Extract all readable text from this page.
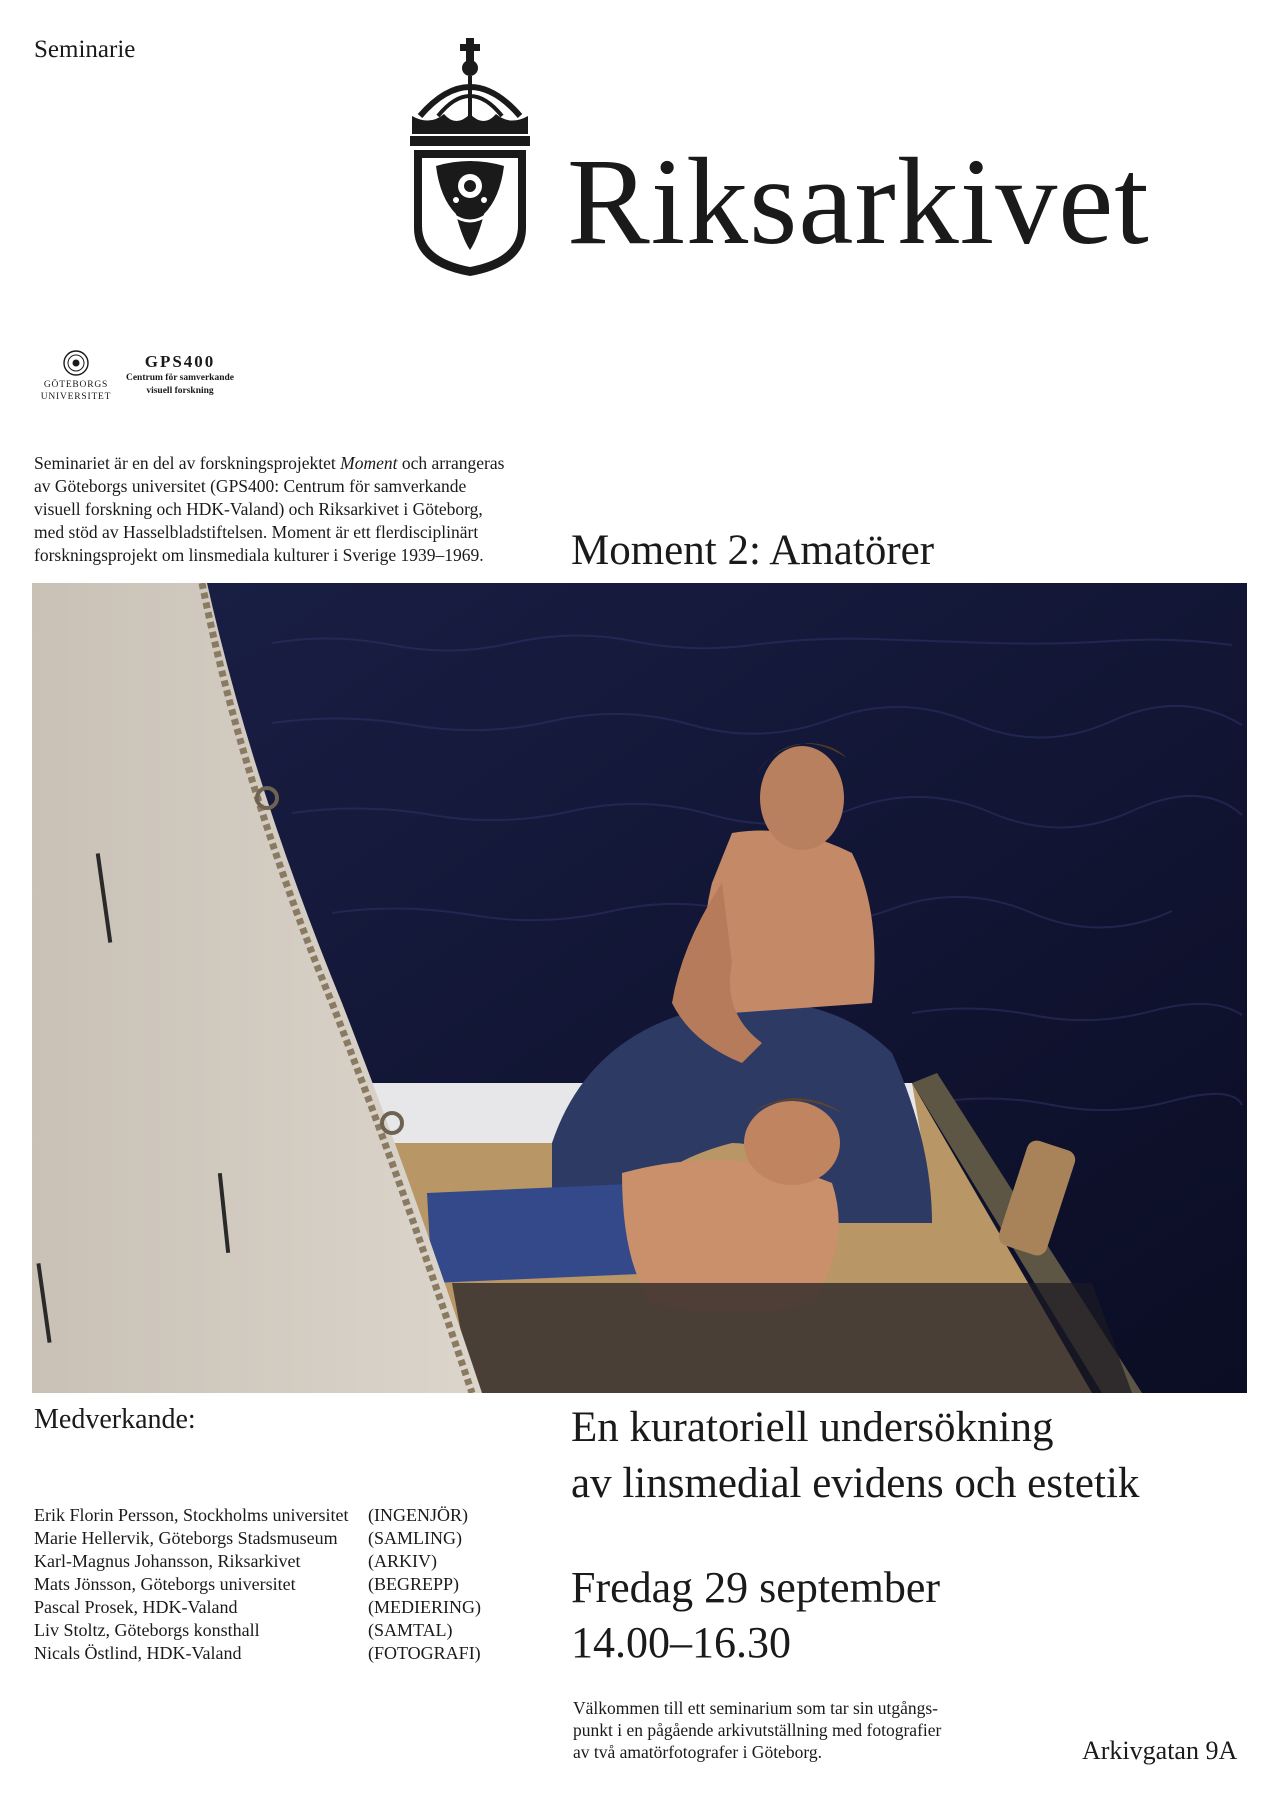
Seminarie
Riksarkivet
GÖTEBORGS
UNIVERSITET
GPS400
Centrum för samverkande
visuell forskning

Seminariet är en del av forskningsprojektet Moment och arrangeras
av Göteborgs universitet (GPS400: Centrum för samverkande
visuell forskning och HDK-Valand) och Riksarkivet i Göteborg,
med stöd av Hasselbladstiftelsen. Moment är ett flerdisciplinärt
forskningsprojekt om linsmediala kulturer i Sverige 1939–1969.	Moment 2: Amatörer
Medverkande:
Erik Florin Persson, Stockholms universitet	(INGENJÖR)
Marie Hellervik, Göteborgs Stadsmuseum	(SAMLING)
Karl-Magnus Johansson, Riksarkivet	(ARKIV)
Mats Jönsson, Göteborgs universitet	(BEGREPP)
Pascal Prosek, HDK-Valand	(MEDIERING)
Liv Stoltz, Göteborgs konsthall	(SAMTAL)
Nicals Östlind, HDK-Valand	(FOTOGRAFI)
En kuratoriell undersökning
av linsmedial evidens och estetik
Fredag 29 september
14.00–16.30
Välkommen till ett seminarium som tar sin utgångs-
punkt i en pågående arkivutställning med fotografier
av två amatörfotografer i Göteborg.	Arkivgatan 9A
